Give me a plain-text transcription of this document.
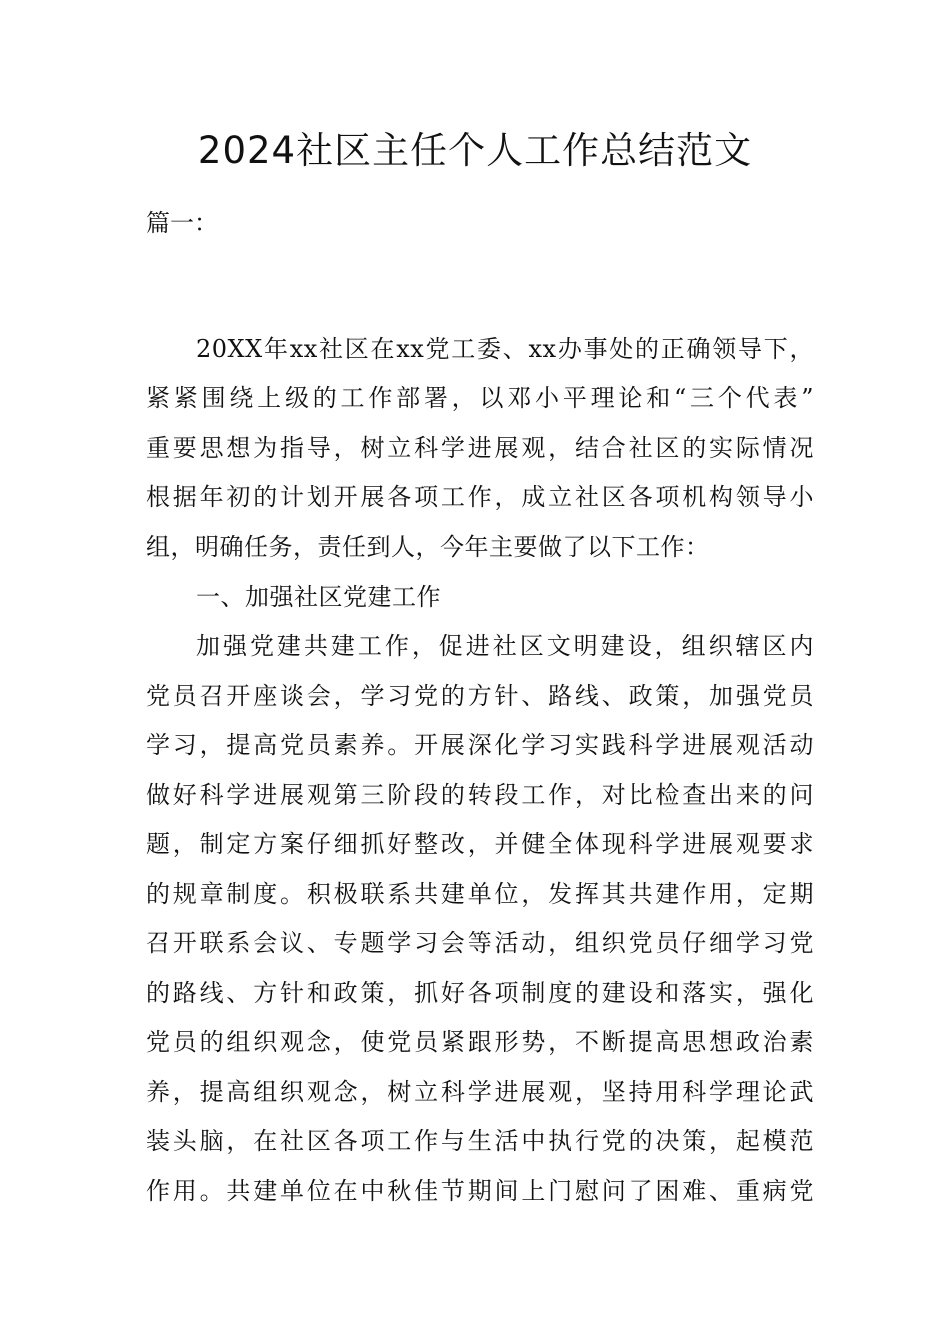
2024社区主任个人工作总结范文
篇一：
20XX年xx社区在xx党工委、xx办事处的正确领导下，
紧紧围绕上级的工作部署，以邓小平理论和“三个代表”
重要思想为指导，树立科学进展观，结合社区的实际情况
根据年初的计划开展各项工作，成立社区各项机构领导小
组，明确任务，责任到人，今年主要做了以下工作：
一、加强社区党建工作
加强党建共建工作，促进社区文明建设，组织辖区内
党员召开座谈会，学习党的方针、路线、政策，加强党员
学习，提高党员素养。开展深化学习实践科学进展观活动
做好科学进展观第三阶段的转段工作，对比检查出来的问
题，制定方案仔细抓好整改，并健全体现科学进展观要求
的规章制度。积极联系共建单位，发挥其共建作用，定期
召开联系会议、专题学习会等活动，组织党员仔细学习党
的路线、方针和政策，抓好各项制度的建设和落实，强化
党员的组织观念，使党员紧跟形势，不断提高思想政治素
养，提高组织观念，树立科学进展观，坚持用科学理论武
装头脑，在社区各项工作与生活中执行党的决策，起模范
作用。共建单位在中秋佳节期间上门慰问了困难、重病党
